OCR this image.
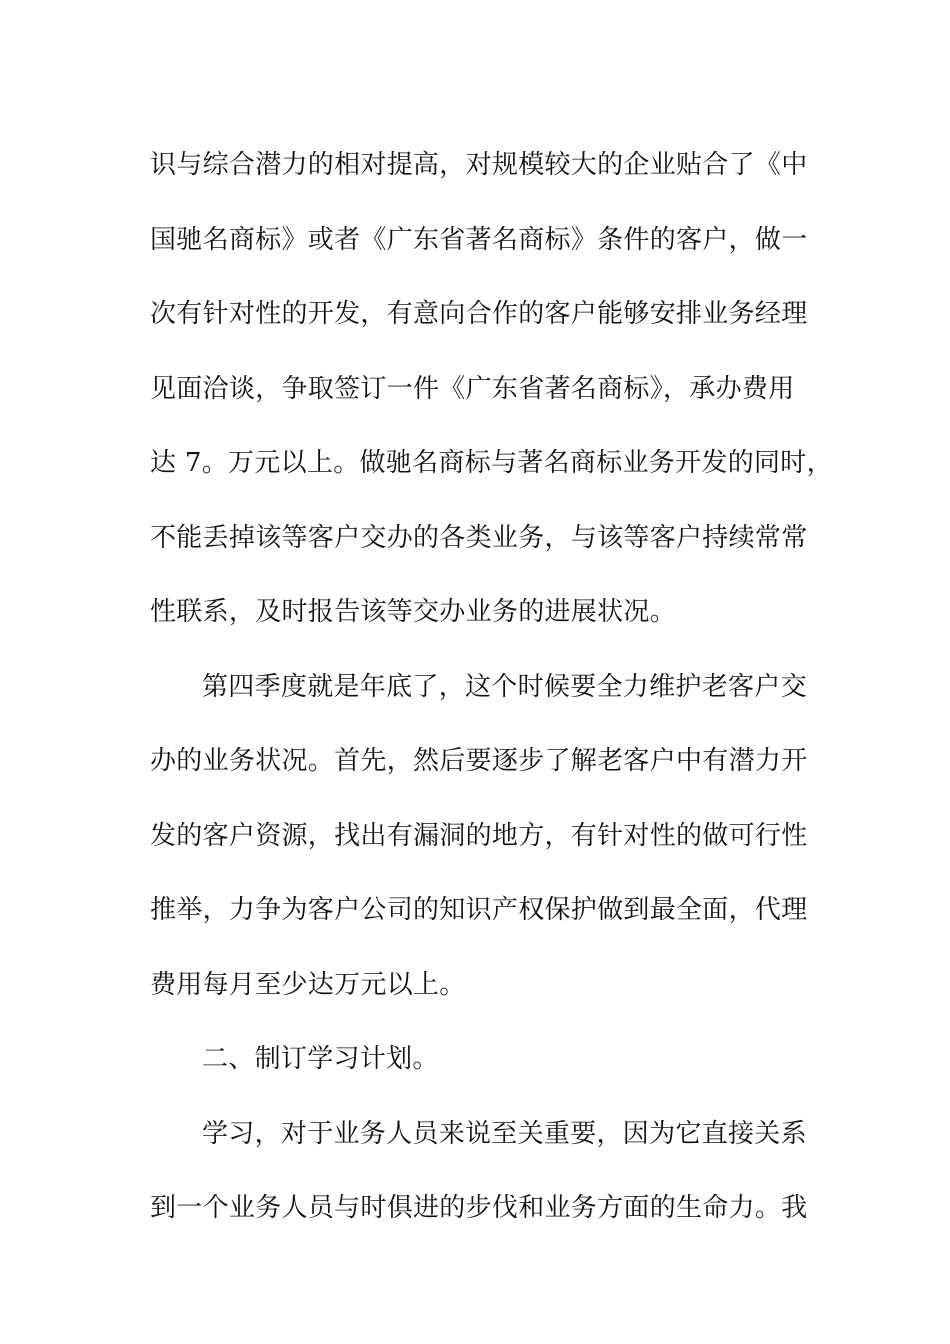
识与综合潜力的相对提高，对规模较大的企业贴合了《中

国驰名商标》或者《广东省著名商标》条件的客户，做一

次有针对性的开发，有意向合作的客户能够安排业务经理

见面洽谈，争取签订一件《广东省著名商标》，承办费用

达 7。万元以上。做驰名商标与著名商标业务开发的同时，

不能丢掉该等客户交办的各类业务，与该等客户持续常常

性联系，及时报告该等交办业务的进展状况。

第四季度就是年底了，这个时候要全力维护老客户交

办的业务状况。首先，然后要逐步了解老客户中有潜力开

发的客户资源，找出有漏洞的地方，有针对性的做可行性

推举，力争为客户公司的知识产权保护做到最全面，代理

费用每月至少达万元以上。

二、制订学习计划。

学习，对于业务人员来说至关重要，因为它直接关系

到一个业务人员与时俱进的步伐和业务方面的生命力。我
